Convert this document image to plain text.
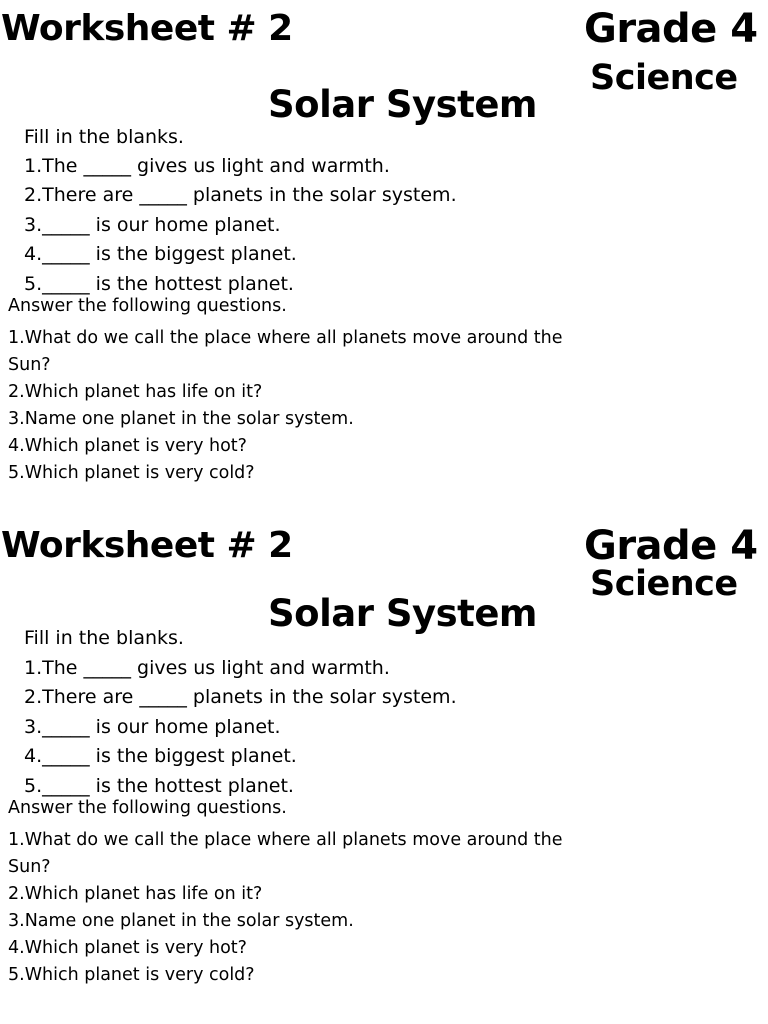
Worksheet # 2	Grade 4
Science
Solar System
Fill in the blanks.
1.The _____ gives us light and warmth.
2.There are _____ planets in the solar system.
3._____ is our home planet.
4._____ is the biggest planet.
5._____ is the hottest planet.
Answer the following questions.
1.What do we call the place where all planets move around the Sun?
2.Which planet has life on it?
3.Name one planet in the solar system.
4.Which planet is very hot?
5.Which planet is very cold?
Worksheet # 2	Grade 4
Science
Solar System
Fill in the blanks.
1.The _____ gives us light and warmth.
2.There are _____ planets in the solar system.
3._____ is our home planet.
4._____ is the biggest planet.
5._____ is the hottest planet.
Answer the following questions.
1.What do we call the place where all planets move around the Sun?
2.Which planet has life on it?
3.Name one planet in the solar system.
4.Which planet is very hot?
5.Which planet is very cold?
